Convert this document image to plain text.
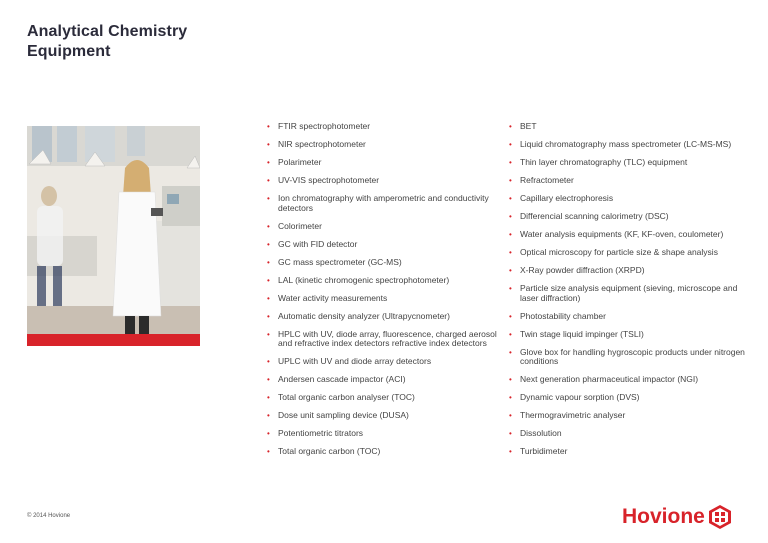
Analytical Chemistry
Equipment
• FTIR spectrophotometer
• NIR spectrophotometer
• Polarimeter
• UV-VIS spectrophotometer
• Ion chromatography with amperometric and conductivity detectors
• Colorimeter
• GC with FID detector
• GC mass spectrometer (GC-MS)
• LAL (kinetic chromogenic spectrophotometer)
• Water activity measurements
• Automatic density analyzer (Ultrapycnometer)
• HPLC with UV, diode array, fluorescence, charged aerosol and refractive index detectors refractive index detectors
• UPLC with UV and diode array detectors
• Andersen cascade impactor (ACI)
• Total organic carbon analyser (TOC)
• Dose unit sampling device (DUSA)
• Potentiometric titrators
• Total organic carbon (TOC)
• BET
• Liquid chromatography mass spectrometer (LC-MS-MS)
• Thin layer chromatography (TLC) equipment
• Refractometer
• Capillary electrophoresis
• Differencial scanning calorimetry (DSC)
• Water analysis equipments (KF, KF-oven, coulometer)
• Optical microscopy for particle size & shape analysis
• X-Ray powder diffraction (XRPD)
• Particle size analysis equipment (sieving, microscope and laser diffraction)
• Photostability chamber
• Twin stage liquid impinger (TSLI)
• Glove box for handling hygroscopic products under nitrogen conditions
• Next generation pharmaceutical impactor (NGI)
• Dynamic vapour sorption (DVS)
• Thermogravimetric analyser
• Dissolution
• Turbidimeter
© 2014 Hovione	Hovione
